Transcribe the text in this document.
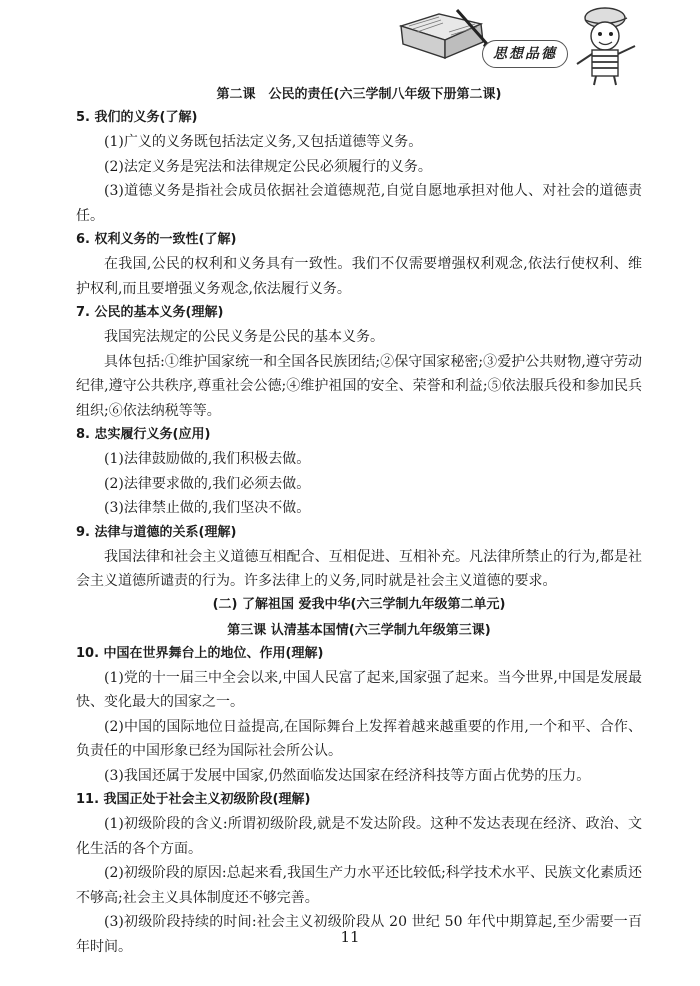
思想品德

第二课　公民的责任(六三学制八年级下册第二课)

5. 我们的义务(了解)

(1)广义的义务既包括法定义务,又包括道德等义务。

(2)法定义务是宪法和法律规定公民必须履行的义务。

(3)道德义务是指社会成员依据社会道德规范,自觉自愿地承担对他人、对社会的道德责任。

6. 权利义务的一致性(了解)

在我国,公民的权利和义务具有一致性。我们不仅需要增强权利观念,依法行使权利、维护权利,而且要增强义务观念,依法履行义务。

7. 公民的基本义务(理解)

我国宪法规定的公民义务是公民的基本义务。

具体包括:①维护国家统一和全国各民族团结;②保守国家秘密;③爱护公共财物,遵守劳动纪律,遵守公共秩序,尊重社会公德;④维护祖国的安全、荣誉和利益;⑤依法服兵役和参加民兵组织;⑥依法纳税等等。

8. 忠实履行义务(应用)

(1)法律鼓励做的,我们积极去做。

(2)法律要求做的,我们必须去做。

(3)法律禁止做的,我们坚决不做。

9. 法律与道德的关系(理解)

我国法律和社会主义道德互相配合、互相促进、互相补充。凡法律所禁止的行为,都是社会主义道德所谴责的行为。许多法律上的义务,同时就是社会主义道德的要求。

(二) 了解祖国 爱我中华(六三学制九年级第二单元)

第三课 认清基本国情(六三学制九年级第三课)

10. 中国在世界舞台上的地位、作用(理解)

(1)党的十一届三中全会以来,中国人民富了起来,国家强了起来。当今世界,中国是发展最快、变化最大的国家之一。

(2)中国的国际地位日益提高,在国际舞台上发挥着越来越重要的作用,一个和平、合作、负责任的中国形象已经为国际社会所公认。

(3)我国还属于发展中国家,仍然面临发达国家在经济科技等方面占优势的压力。

11. 我国正处于社会主义初级阶段(理解)

(1)初级阶段的含义:所谓初级阶段,就是不发达阶段。这种不发达表现在经济、政治、文化生活的各个方面。

(2)初级阶段的原因:总起来看,我国生产力水平还比较低;科学技术水平、民族文化素质还不够高;社会主义具体制度还不够完善。

(3)初级阶段持续的时间:社会主义初级阶段从 20 世纪 50 年代中期算起,至少需要一百年时间。

11
